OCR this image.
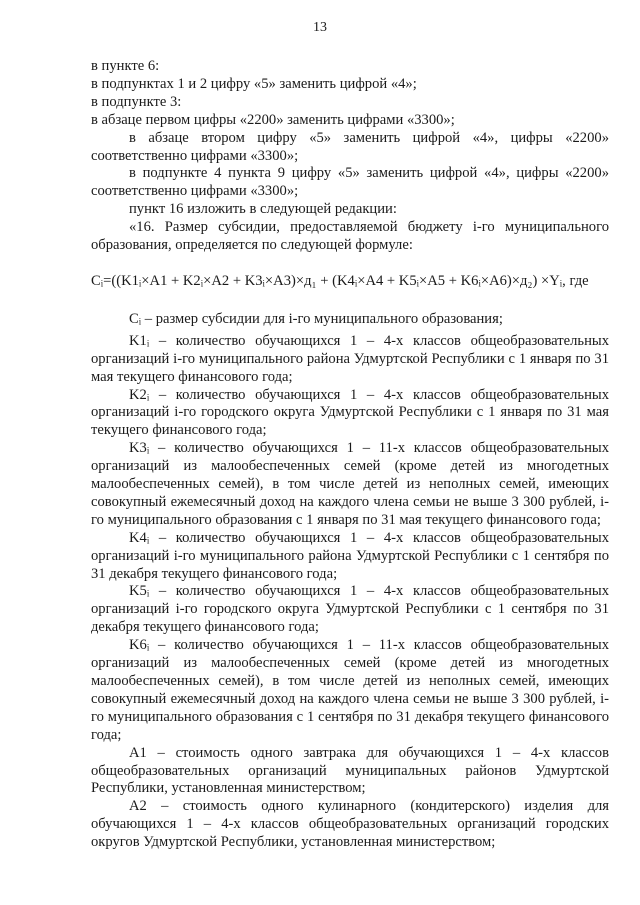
13

в пункте 6:

в подпунктах 1 и 2 цифру «5» заменить цифрой «4»;

в подпункте 3:

в абзаце первом цифры «2200» заменить цифрами «3300»;

в абзаце втором цифру «5» заменить цифрой «4», цифры «2200» соответственно цифрами «3300»;

в подпункте 4 пункта 9 цифру «5» заменить цифрой «4», цифры «2200» соответственно цифрами «3300»;

пункт 16 изложить в следующей редакции:

«16. Размер субсидии, предоставляемой бюджету i-го муниципального образования, определяется по следующей формуле:

Cᵢ=((K1ᵢ×A1 + K2ᵢ×A2 + K3ᵢ×A3)×д₁ + (K4ᵢ×A4 + K5ᵢ×A5 + K6ᵢ×A6)×д₂) ×Yᵢ, где

Cᵢ – размер субсидии для i-го муниципального образования;

K1ᵢ – количество обучающихся 1 – 4-х классов общеобразовательных организаций i-го муниципального района Удмуртской Республики с 1 января по 31 мая текущего финансового года;

K2ᵢ – количество обучающихся 1 – 4-х классов общеобразовательных организаций i-го городского округа Удмуртской Республики с 1 января по 31 мая текущего финансового года;

K3ᵢ – количество обучающихся 1 – 11-х классов общеобразовательных организаций из малообеспеченных семей (кроме детей из многодетных малообеспеченных семей), в том числе детей из неполных семей, имеющих совокупный ежемесячный доход на каждого члена семьи не выше 3 300 рублей, i-го муниципального образования с 1 января по 31 мая текущего финансового года;

K4ᵢ – количество обучающихся 1 – 4-х классов общеобразовательных организаций i-го муниципального района Удмуртской Республики с 1 сентября по 31 декабря текущего финансового года;

K5ᵢ – количество обучающихся 1 – 4-х классов общеобразовательных организаций i-го городского округа Удмуртской Республики с 1 сентября по 31 декабря текущего финансового года;

K6ᵢ – количество обучающихся 1 – 11-х классов общеобразовательных организаций из малообеспеченных семей (кроме детей из многодетных малообеспеченных семей), в том числе детей из неполных семей, имеющих совокупный ежемесячный доход на каждого члена семьи не выше 3 300 рублей, i-го муниципального образования с 1 сентября по 31 декабря текущего финансового года;

A1 – стоимость одного завтрака для обучающихся 1 – 4-х классов общеобразовательных организаций муниципальных районов Удмуртской Республики, установленная министерством;

A2 – стоимость одного кулинарного (кондитерского) изделия для обучающихся 1 – 4-х классов общеобразовательных организаций городских округов Удмуртской Республики, установленная министерством;
